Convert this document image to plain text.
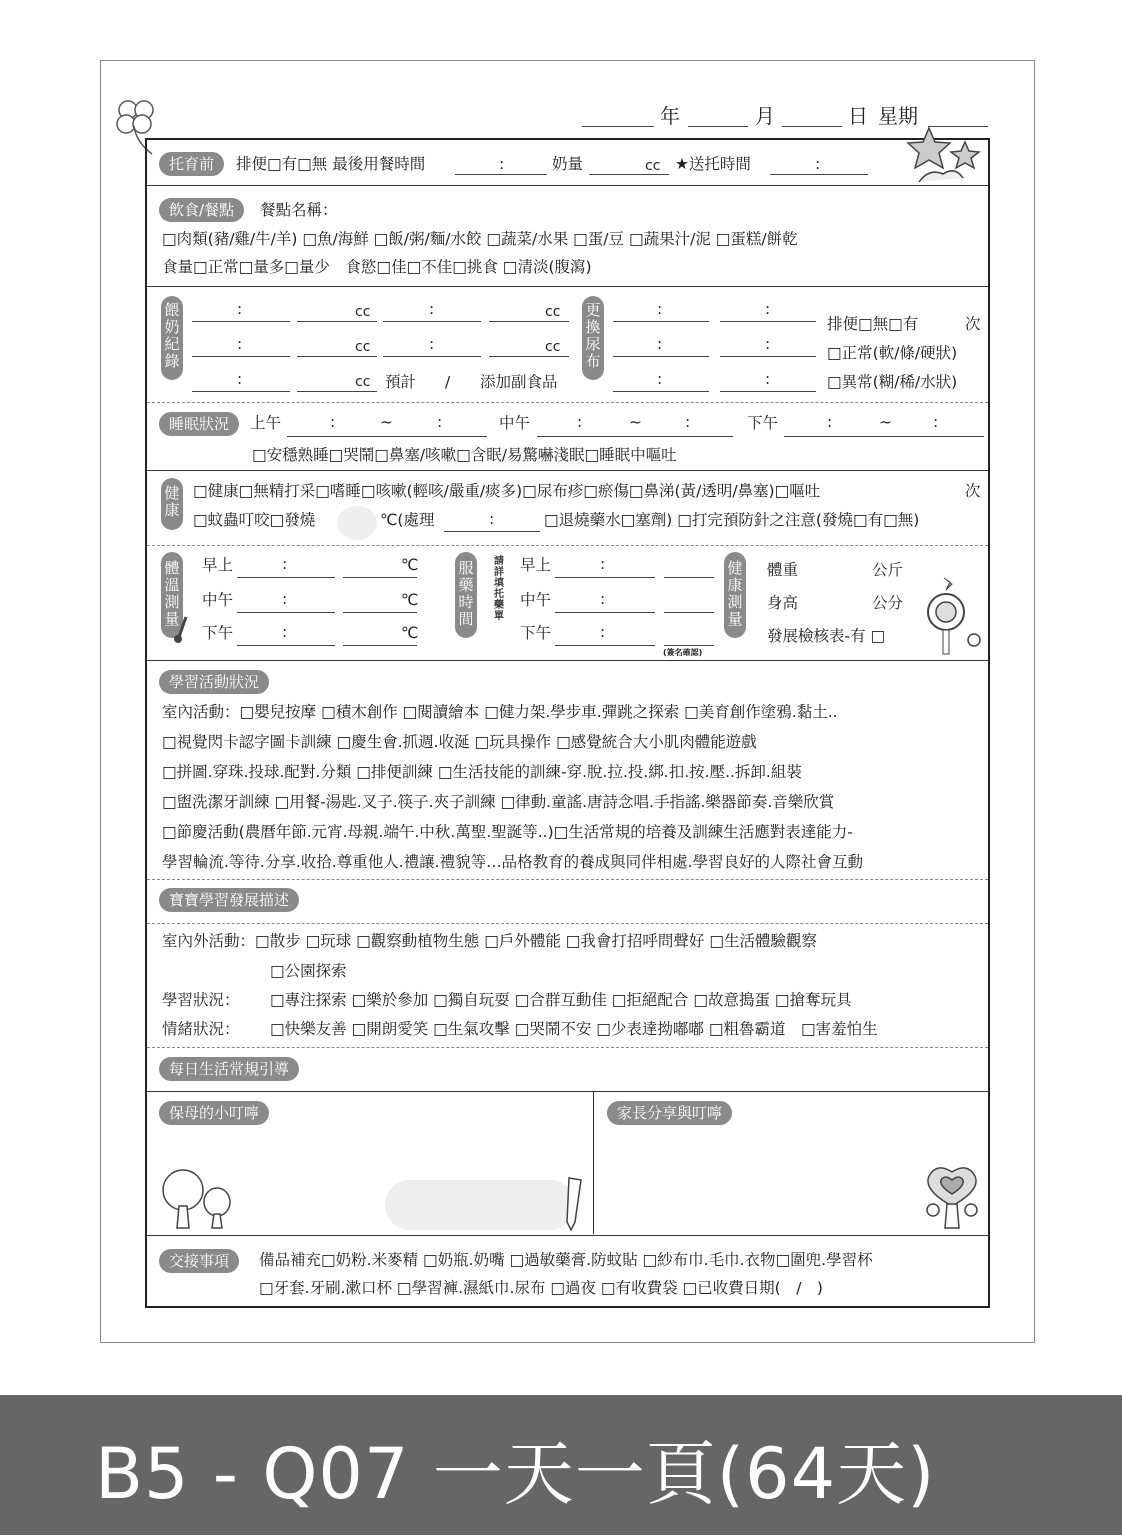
年	月	日 星期
托育前	排便□有□無 最後用餐時間	:	奶量	cc ★送托時間	:
飲食/餐點	餐點名稱：
□肉類(豬/雞/牛/羊) □魚/海鮮 □飯/粥/麵/水餃 □蔬菜/水果 □蛋/豆 □蔬果汁/泥 □蛋糕/餅乾
食量□正常□量多□量少　食慾□佳□不佳□挑食 □清淡(腹瀉)
餵奶紀錄
:	cc	:	cc
:	cc	:	cc
:	cc 預計 / 添加副食品
更換尿布
:	:
:	:
:	:
排便□無□有	次
□正常(軟/條/硬狀)
□異常(糊/稀/水狀)
睡眠狀況	上午	:	~	:	中午	:	~	:	下午	:	~	:
□安穩熟睡□哭鬧□鼻塞/咳嗽□含眠/易驚嚇淺眠□睡眠中嘔吐
健康
□健康□無精打采□嗜睡□咳嗽(輕咳/嚴重/痰多)□尿布疹□瘀傷□鼻涕(黃/透明/鼻塞)□嘔吐	次
□蚊蟲叮咬□發燒	℃(處理	:	□退燒藥水□塞劑) □打完預防針之注意(發燒□有□無)
體溫測量
早上	:	℃
中午	:	℃
下午	:	℃
服藥時間
請詳填托藥單
早上	:
中午	:
下午	:
(簽名確認)
健康測量
體重	公斤
身高	公分
發展檢核表-有 □
學習活動狀況
室內活動：□嬰兒按摩 □積木創作 □閱讀繪本 □健力架.學步車.彈跳之探索 □美育創作塗鴉.黏土..
□視覺閃卡認字圖卡訓練 □慶生會.抓週.收涎 □玩具操作 □感覺統合大小肌肉體能遊戲
□拼圖.穿珠.投球.配對.分類 □排便訓練 □生活技能的訓練-穿.脫.拉.投.綁.扣.按.壓..拆卸.組裝
□盥洗潔牙訓練 □用餐-湯匙.叉子.筷子.夾子訓練 □律動.童謠.唐詩念唱.手指謠.樂器節奏.音樂欣賞
□節慶活動(農曆年節.元宵.母親.端午.中秋.萬聖.聖誕等..)□生活常規的培養及訓練生活應對表達能力-
學習輪流.等待.分享.收拾.尊重他人.禮讓.禮貌等…品格教育的養成與同伴相處.學習良好的人際社會互動
寶寶學習發展描述
室內外活動：□散步 □玩球 □觀察動植物生態 □戶外體能 □我會打招呼問聲好 □生活體驗觀察
□公園探索
學習狀況： □專注探索 □樂於參加 □獨自玩耍 □合群互動佳 □拒絕配合 □故意搗蛋 □搶奪玩具
情緒狀況： □快樂友善 □開朗愛笑 □生氣攻擊 □哭鬧不安 □少表達拗嘟嘟 □粗魯霸道　□害羞怕生
每日生活常規引導
保母的小叮嚀	家長分享與叮嚀
交接事項	備品補充□奶粉.米麥精 □奶瓶.奶嘴 □過敏藥膏.防蚊貼 □紗布巾.毛巾.衣物□圍兜.學習杯
□牙套.牙刷.漱口杯 □學習褲.濕紙巾.尿布 □過夜 □有收費袋 □已收費日期(　/　)
B5 - Q07 一天一頁(64天)
